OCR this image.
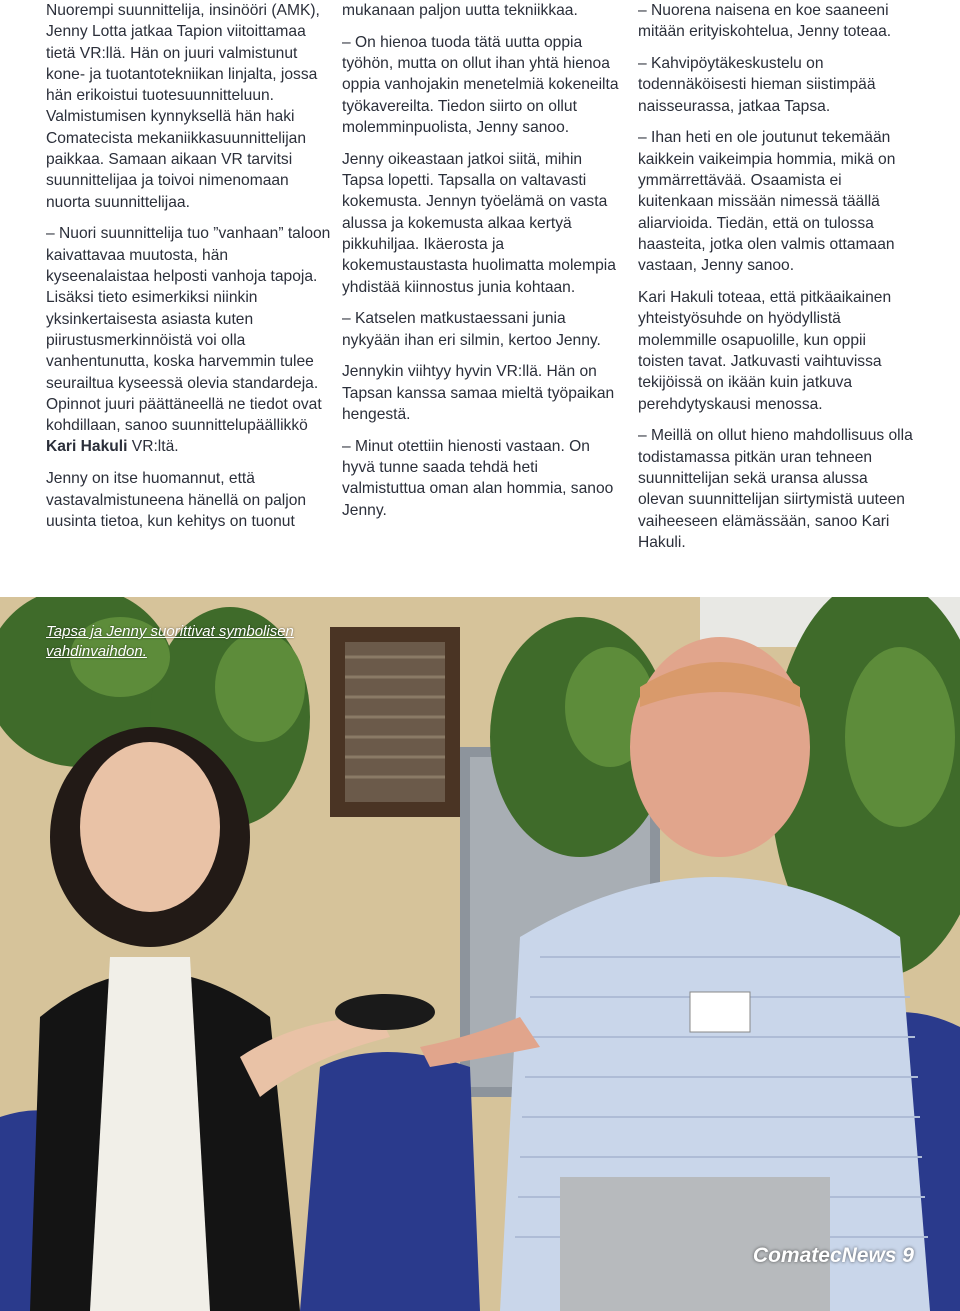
Nuorempi suunnittelija, insinööri (AMK), Jenny Lotta jatkaa Tapion viitoittamaa tietä VR:llä. Hän on juuri valmistunut kone- ja tuotantotekniikan linjalta, jossa hän erikoistui tuotesuunnitteluun. Valmistumisen kynnyksellä hän haki Comatecista mekaniikkasuunnittelijan paikkaa. Samaan aikaan VR tarvitsi suunnittelijaa ja toivoi nimenomaan nuorta suunnittelijaa.

– Nuori suunnittelija tuo ”vanhaan” taloon kaivattavaa muutosta, hän kyseenalaistaa helposti vanhoja tapoja. Lisäksi tieto esimerkiksi niinkin yksinkertaisesta asiasta kuten piirustusmerkinnöistä voi olla vanhentunutta, koska harvemmin tulee seurailtua kyseessä olevia standardeja. Opinnot juuri päättäneellä ne tiedot ovat kohdillaan, sanoo suunnittelupäällikkö Kari Hakuli VR:ltä.

Jenny on itse huomannut, että vastavalmistuneena hänellä on paljon uusinta tietoa, kun kehitys on tuonut

mukanaan paljon uutta tekniikkaa.

– On hienoa tuoda tätä uutta oppia työhön, mutta on ollut ihan yhtä hienoa oppia vanhojakin menetelmiä kokeneilta työkavereilta. Tiedon siirto on ollut molemminpuolista, Jenny sanoo.

Jenny oikeastaan jatkoi siitä, mihin Tapsa lopetti. Tapsalla on valtavasti kokemusta. Jennyn työelämä on vasta alussa ja kokemusta alkaa kertyä pikkuhiljaa. Ikäerosta ja kokemustaustasta huolimatta molempia yhdistää kiinnostus junia kohtaan.

– Katselen matkustaessani junia nykyään ihan eri silmin, kertoo Jenny.

Jennykin viihtyy hyvin VR:llä. Hän on Tapsan kanssa samaa mieltä työpaikan hengestä.

– Minut otettiin hienosti vastaan. On hyvä tunne saada tehdä heti valmistuttua oman alan hommia, sanoo Jenny.

– Nuorena naisena en koe saaneeni mitään erityiskohtelua, Jenny toteaa.

– Kahvipöytäkeskustelu on todennäköisesti hieman siistimpää naisseurassa, jatkaa Tapsa.

– Ihan heti en ole joutunut tekemään kaikkein vaikeimpia hommia, mikä on ymmärrettävää. Osaamista ei kuitenkaan missään nimessä täällä aliarvioida. Tiedän, että on tulossa haasteita, jotka olen valmis ottamaan vastaan, Jenny sanoo.

Kari Hakuli toteaa, että pitkäaikainen yhteistyösuhde on hyödyllistä molemmille osapuolille, kun oppii toisten tavat. Jatkuvasti vaihtuvissa tekijöissä on ikään kuin jatkuva perehdytyskausi menossa.

– Meillä on ollut hieno mahdollisuus olla todistamassa pitkän uran tehneen suunnittelijan sekä uransa alussa olevan suunnittelijan siirtymistä uuteen vaiheeseen elämässään, sanoo Kari Hakuli.

Tapsa ja Jenny suorittivat symbolisen vahdinvaihdon.
ComatecNews 9
